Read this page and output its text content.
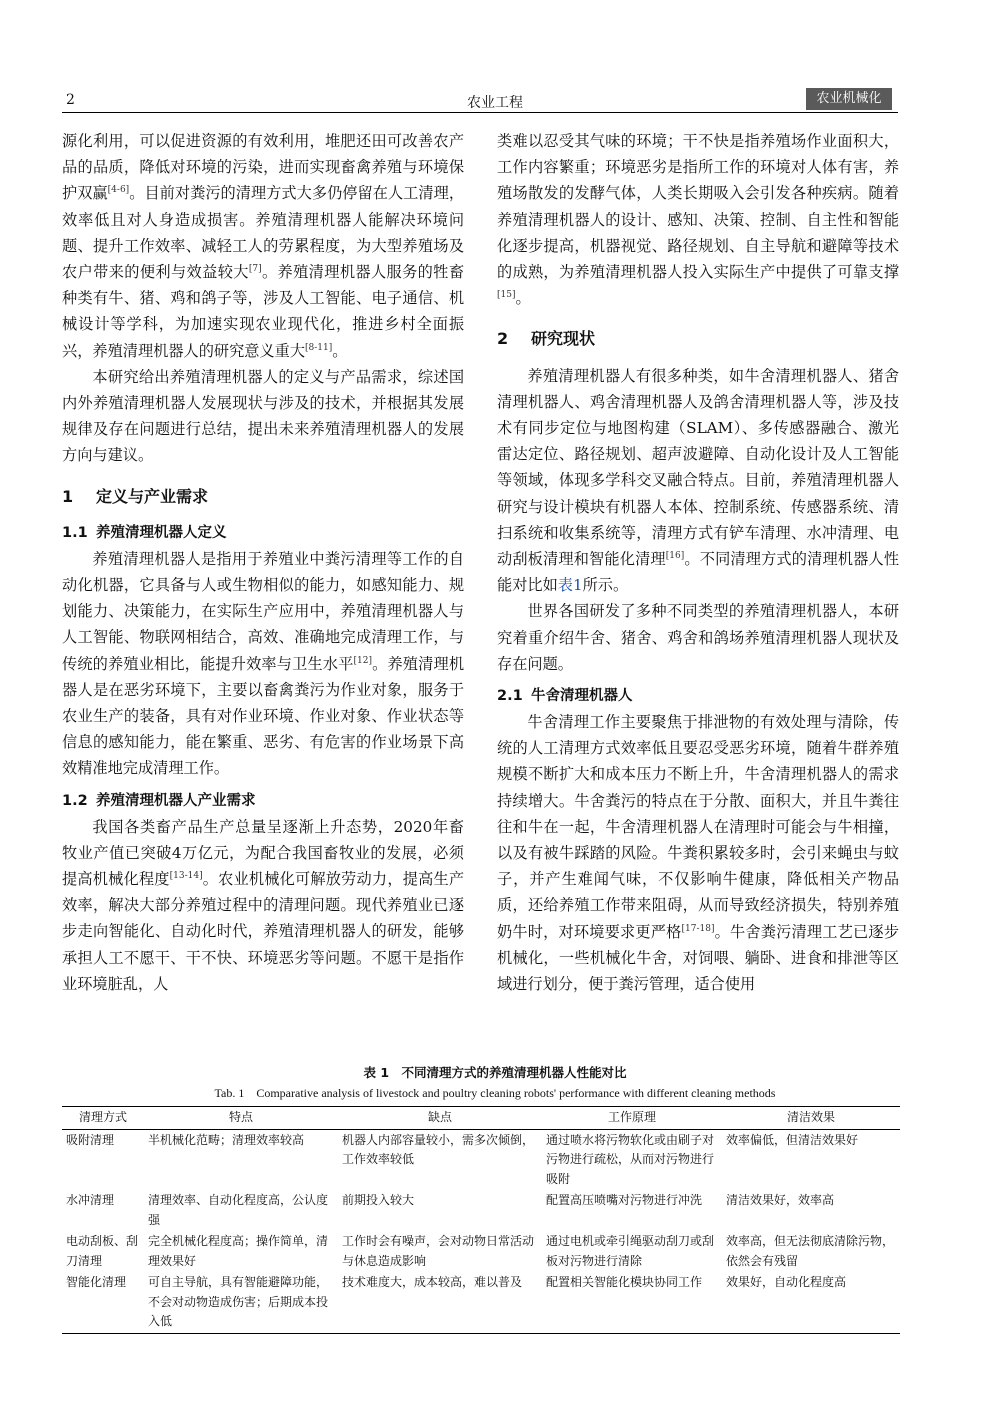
2	农业工程	农业机械化

源化利用，可以促进资源的有效利用，堆肥还田可改善农产品的品质，降低对环境的污染，进而实现畜禽养殖与环境保护双赢[4-6]。目前对粪污的清理方式大多仍停留在人工清理，效率低且对人身造成损害。养殖清理机器人能解决环境问题、提升工作效率、减轻工人的劳累程度，为大型养殖场及农户带来的便利与效益较大[7]。养殖清理机器人服务的牲畜种类有牛、猪、鸡和鸽子等，涉及人工智能、电子通信、机械设计等学科，为加速实现农业现代化，推进乡村全面振兴，养殖清理机器人的研究意义重大[8-11]。

本研究给出养殖清理机器人的定义与产品需求，综述国内外养殖清理机器人发展现状与涉及的技术，并根据其发展规律及存在问题进行总结，提出未来养殖清理机器人的发展方向与建议。

1 定义与产业需求
1.1 养殖清理机器人定义

养殖清理机器人是指用于养殖业中粪污清理等工作的自动化机器，它具备与人或生物相似的能力，如感知能力、规划能力、决策能力，在实际生产应用中，养殖清理机器人与人工智能、物联网相结合，高效、准确地完成清理工作，与传统的养殖业相比，能提升效率与卫生水平[12]。养殖清理机器人是在恶劣环境下，主要以畜禽粪污为作业对象，服务于农业生产的装备，具有对作业环境、作业对象、作业状态等信息的感知能力，能在繁重、恶劣、有危害的作业场景下高效精准地完成清理工作。

1.2 养殖清理机器人产业需求

我国各类畜产品生产总量呈逐渐上升态势，2020年畜牧业产值已突破4万亿元，为配合我国畜牧业的发展，必须提高机械化程度[13-14]。农业机械化可解放劳动力，提高生产效率，解决大部分养殖过程中的清理问题。现代养殖业已逐步走向智能化、自动化时代，养殖清理机器人的研发，能够承担人工不愿干、干不快、环境恶劣等问题。不愿干是指作业环境脏乱，人

类难以忍受其气味的环境；干不快是指养殖场作业面积大，工作内容繁重；环境恶劣是指所工作的环境对人体有害，养殖场散发的发酵气体，人类长期吸入会引发各种疾病。随着养殖清理机器人的设计、感知、决策、控制、自主性和智能化逐步提高，机器视觉、路径规划、自主导航和避障等技术的成熟，为养殖清理机器人投入实际生产中提供了可靠支撑[15]。

2 研究现状

养殖清理机器人有很多种类，如牛舍清理机器人、猪舍清理机器人、鸡舍清理机器人及鸽舍清理机器人等，涉及技术有同步定位与地图构建（SLAM）、多传感器融合、激光雷达定位、路径规划、超声波避障、自动化设计及人工智能等领域，体现多学科交叉融合特点。目前，养殖清理机器人研究与设计模块有机器人本体、控制系统、传感器系统、清扫系统和收集系统等，清理方式有铲车清理、水冲清理、电动刮板清理和智能化清理[16]。不同清理方式的清理机器人性能对比如表1所示。

世界各国研发了多种不同类型的养殖清理机器人，本研究着重介绍牛舍、猪舍、鸡舍和鸽场养殖清理机器人现状及存在问题。

2.1 牛舍清理机器人

牛舍清理工作主要聚焦于排泄物的有效处理与清除，传统的人工清理方式效率低且要忍受恶劣环境，随着牛群养殖规模不断扩大和成本压力不断上升，牛舍清理机器人的需求持续增大。牛舍粪污的特点在于分散、面积大，并且牛粪往往和牛在一起，牛舍清理机器人在清理时可能会与牛相撞，以及有被牛踩踏的风险。牛粪积累较多时，会引来蝇虫与蚊子，并产生难闻气味，不仅影响牛健康，降低相关产物品质，还给养殖工作带来阻碍，从而导致经济损失，特别养殖奶牛时，对环境要求更严格[17-18]。牛舍粪污清理工艺已逐步机械化，一些机械化牛舍，对饲喂、躺卧、进食和排泄等区域进行划分，便于粪污管理，适合使用

表 1　不同清理方式的养殖清理机器人性能对比
Tab. 1　Comparative analysis of livestock and poultry cleaning robots' performance with different cleaning methods
清理方式	特点	缺点	工作原理	清洁效果
吸附清理	半机械化范畴；清理效率较高	机器人内部容量较小，需多次倾倒，工作效率较低	通过喷水将污物软化或由刷子对污物进行疏松，从而对污物进行吸附	效率偏低，但清洁效果好
水冲清理	清理效率、自动化程度高，公认度强	前期投入较大	配置高压喷嘴对污物进行冲洗	清洁效果好，效率高
电动刮板、刮刀清理	完全机械化程度高；操作简单，清理效果好	工作时会有噪声，会对动物日常活动与休息造成影响	通过电机或牵引绳驱动刮刀或刮板对污物进行清除	效率高，但无法彻底清除污物，依然会有残留
智能化清理	可自主导航，具有智能避障功能，不会对动物造成伤害；后期成本投入低	技术难度大，成本较高，难以普及	配置相关智能化模块协同工作	效果好，自动化程度高
